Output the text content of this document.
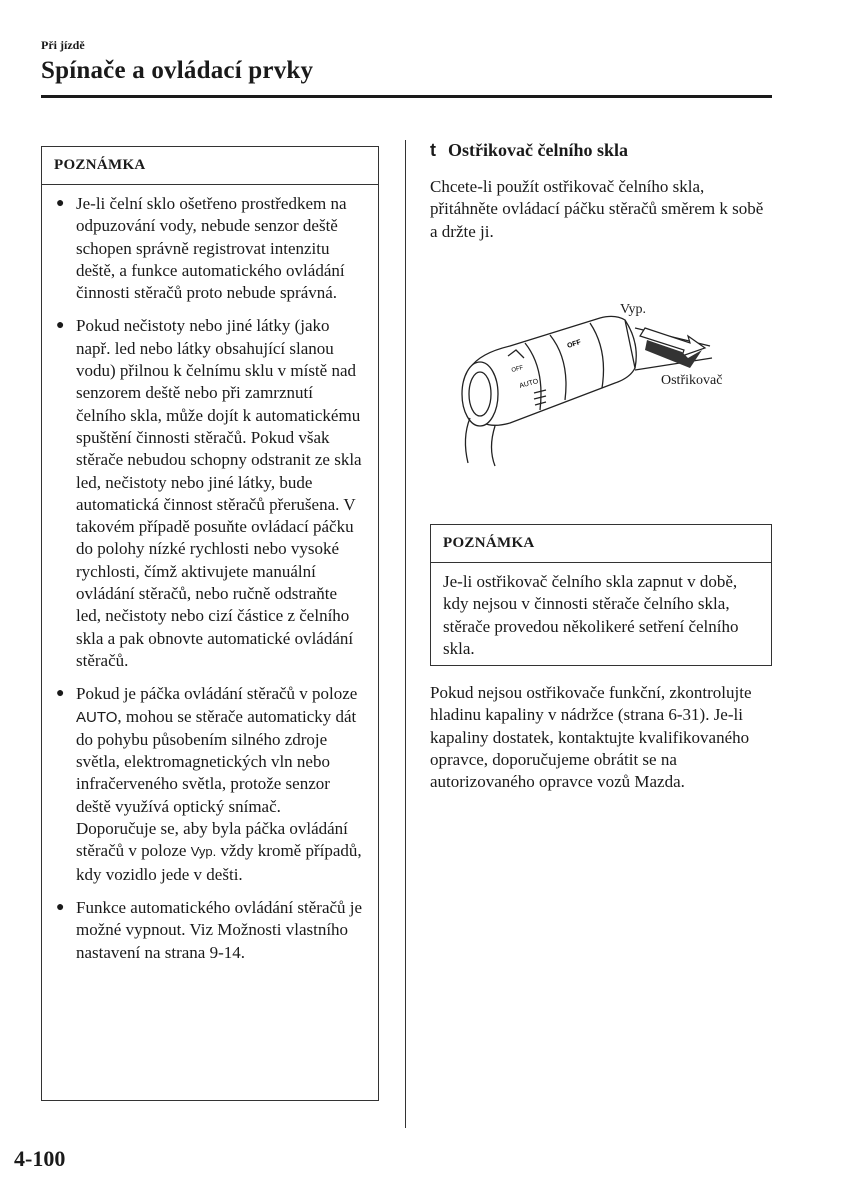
Při jízdě
Spínače a ovládací prvky
POZNÁMKA
● Je-li čelní sklo ošetřeno prostředkem na odpuzování vody, nebude senzor deště schopen správně registrovat intenzitu deště, a funkce automatického ovládání činnosti stěračů proto nebude správná.
● Pokud nečistoty nebo jiné látky (jako např. led nebo látky obsahující slanou vodu) přilnou k čelnímu sklu v místě nad senzorem deště nebo při zamrznutí čelního skla, může dojít k automatickému spuštění činnosti stěračů. Pokud však stěrače nebudou schopny odstranit ze skla led, nečistoty nebo jiné látky, bude automatická činnost stěračů přerušena. V takovém případě posuňte ovládací páčku do polohy nízké rychlosti nebo vysoké rychlosti, čímž aktivujete manuální ovládání stěračů, nebo ručně odstraňte led, nečistoty nebo cizí částice z čelního skla a pak obnovte automatické ovládání stěračů.
● Pokud je páčka ovládání stěračů v poloze AUTO, mohou se stěrače automaticky dát do pohybu působením silného zdroje světla, elektromagnetických vln nebo infračerveného světla, protože senzor deště využívá optický snímač. Doporučuje se, aby byla páčka ovládání stěračů v poloze Vyp. vždy kromě případů, kdy vozidlo jede v dešti.
● Funkce automatického ovládání stěračů je možné vypnout. Viz Možnosti vlastního nastavení na strana 9-14.
t Ostřikovač čelního skla
Chcete-li použít ostřikovač čelního skla, přitáhněte ovládací páčku stěračů směrem k sobě a držte ji.
OFF
AUTO
OFF
Vyp.
Ostřikovač
POZNÁMKA
Je-li ostřikovač čelního skla zapnut v době, kdy nejsou v činnosti stěrače čelního skla, stěrače provedou několikeré setření čelního skla.
Pokud nejsou ostřikovače funkční, zkontrolujte hladinu kapaliny v nádržce (strana 6-31). Je-li kapaliny dostatek, kontaktujte kvalifikovaného opravce, doporučujeme obrátit se na autorizovaného opravce vozů Mazda.
4-100
